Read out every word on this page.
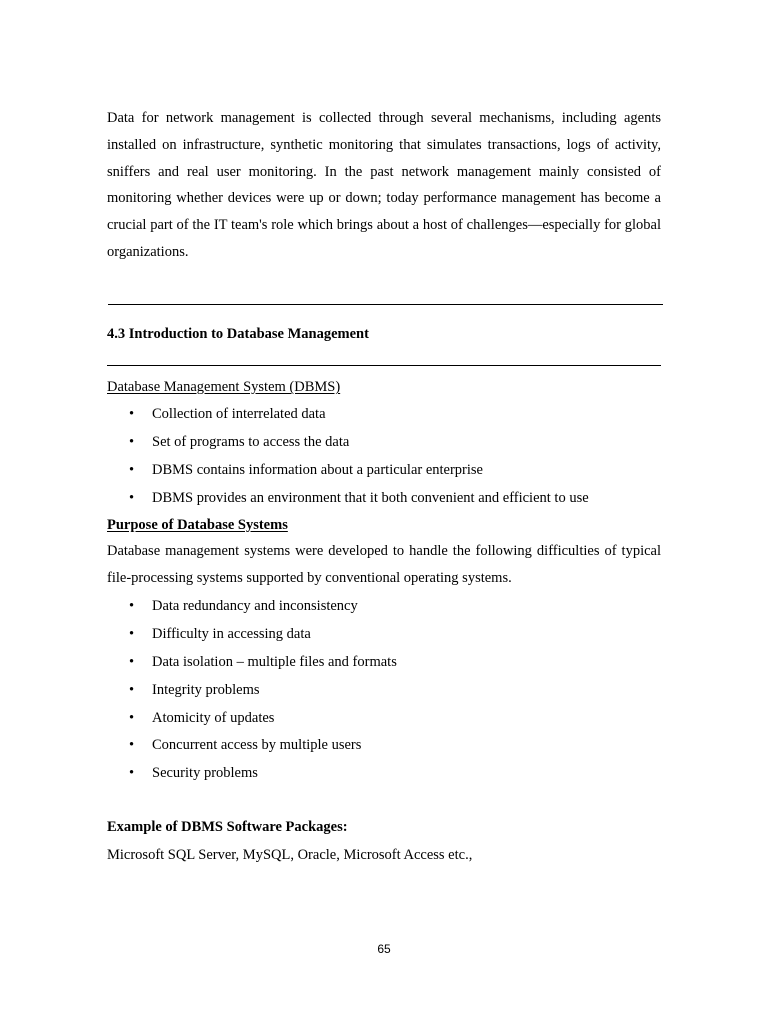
Data for network management is collected through several mechanisms, including agents installed on infrastructure, synthetic monitoring that simulates transactions, logs of activity, sniffers and real user monitoring. In the past network management mainly consisted of monitoring whether devices were up or down; today performance management has become a crucial part of the IT team's role which brings about a host of challenges—especially for global organizations.

4.3 Introduction to Database Management
Database Management System (DBMS)
• Collection of interrelated data
• Set of programs to access the data
• DBMS contains information about a particular enterprise
• DBMS provides an environment that it both convenient and efficient to use
Purpose of Database Systems

Database management systems were developed to handle the following difficulties of typical file-processing systems supported by conventional operating systems.

• Data redundancy and inconsistency
• Difficulty in accessing data
• Data isolation – multiple files and formats
• Integrity problems
• Atomicity of updates
• Concurrent access by multiple users
• Security problems
Example of DBMS Software Packages:
Microsoft SQL Server, MySQL, Oracle, Microsoft Access etc.,
65
